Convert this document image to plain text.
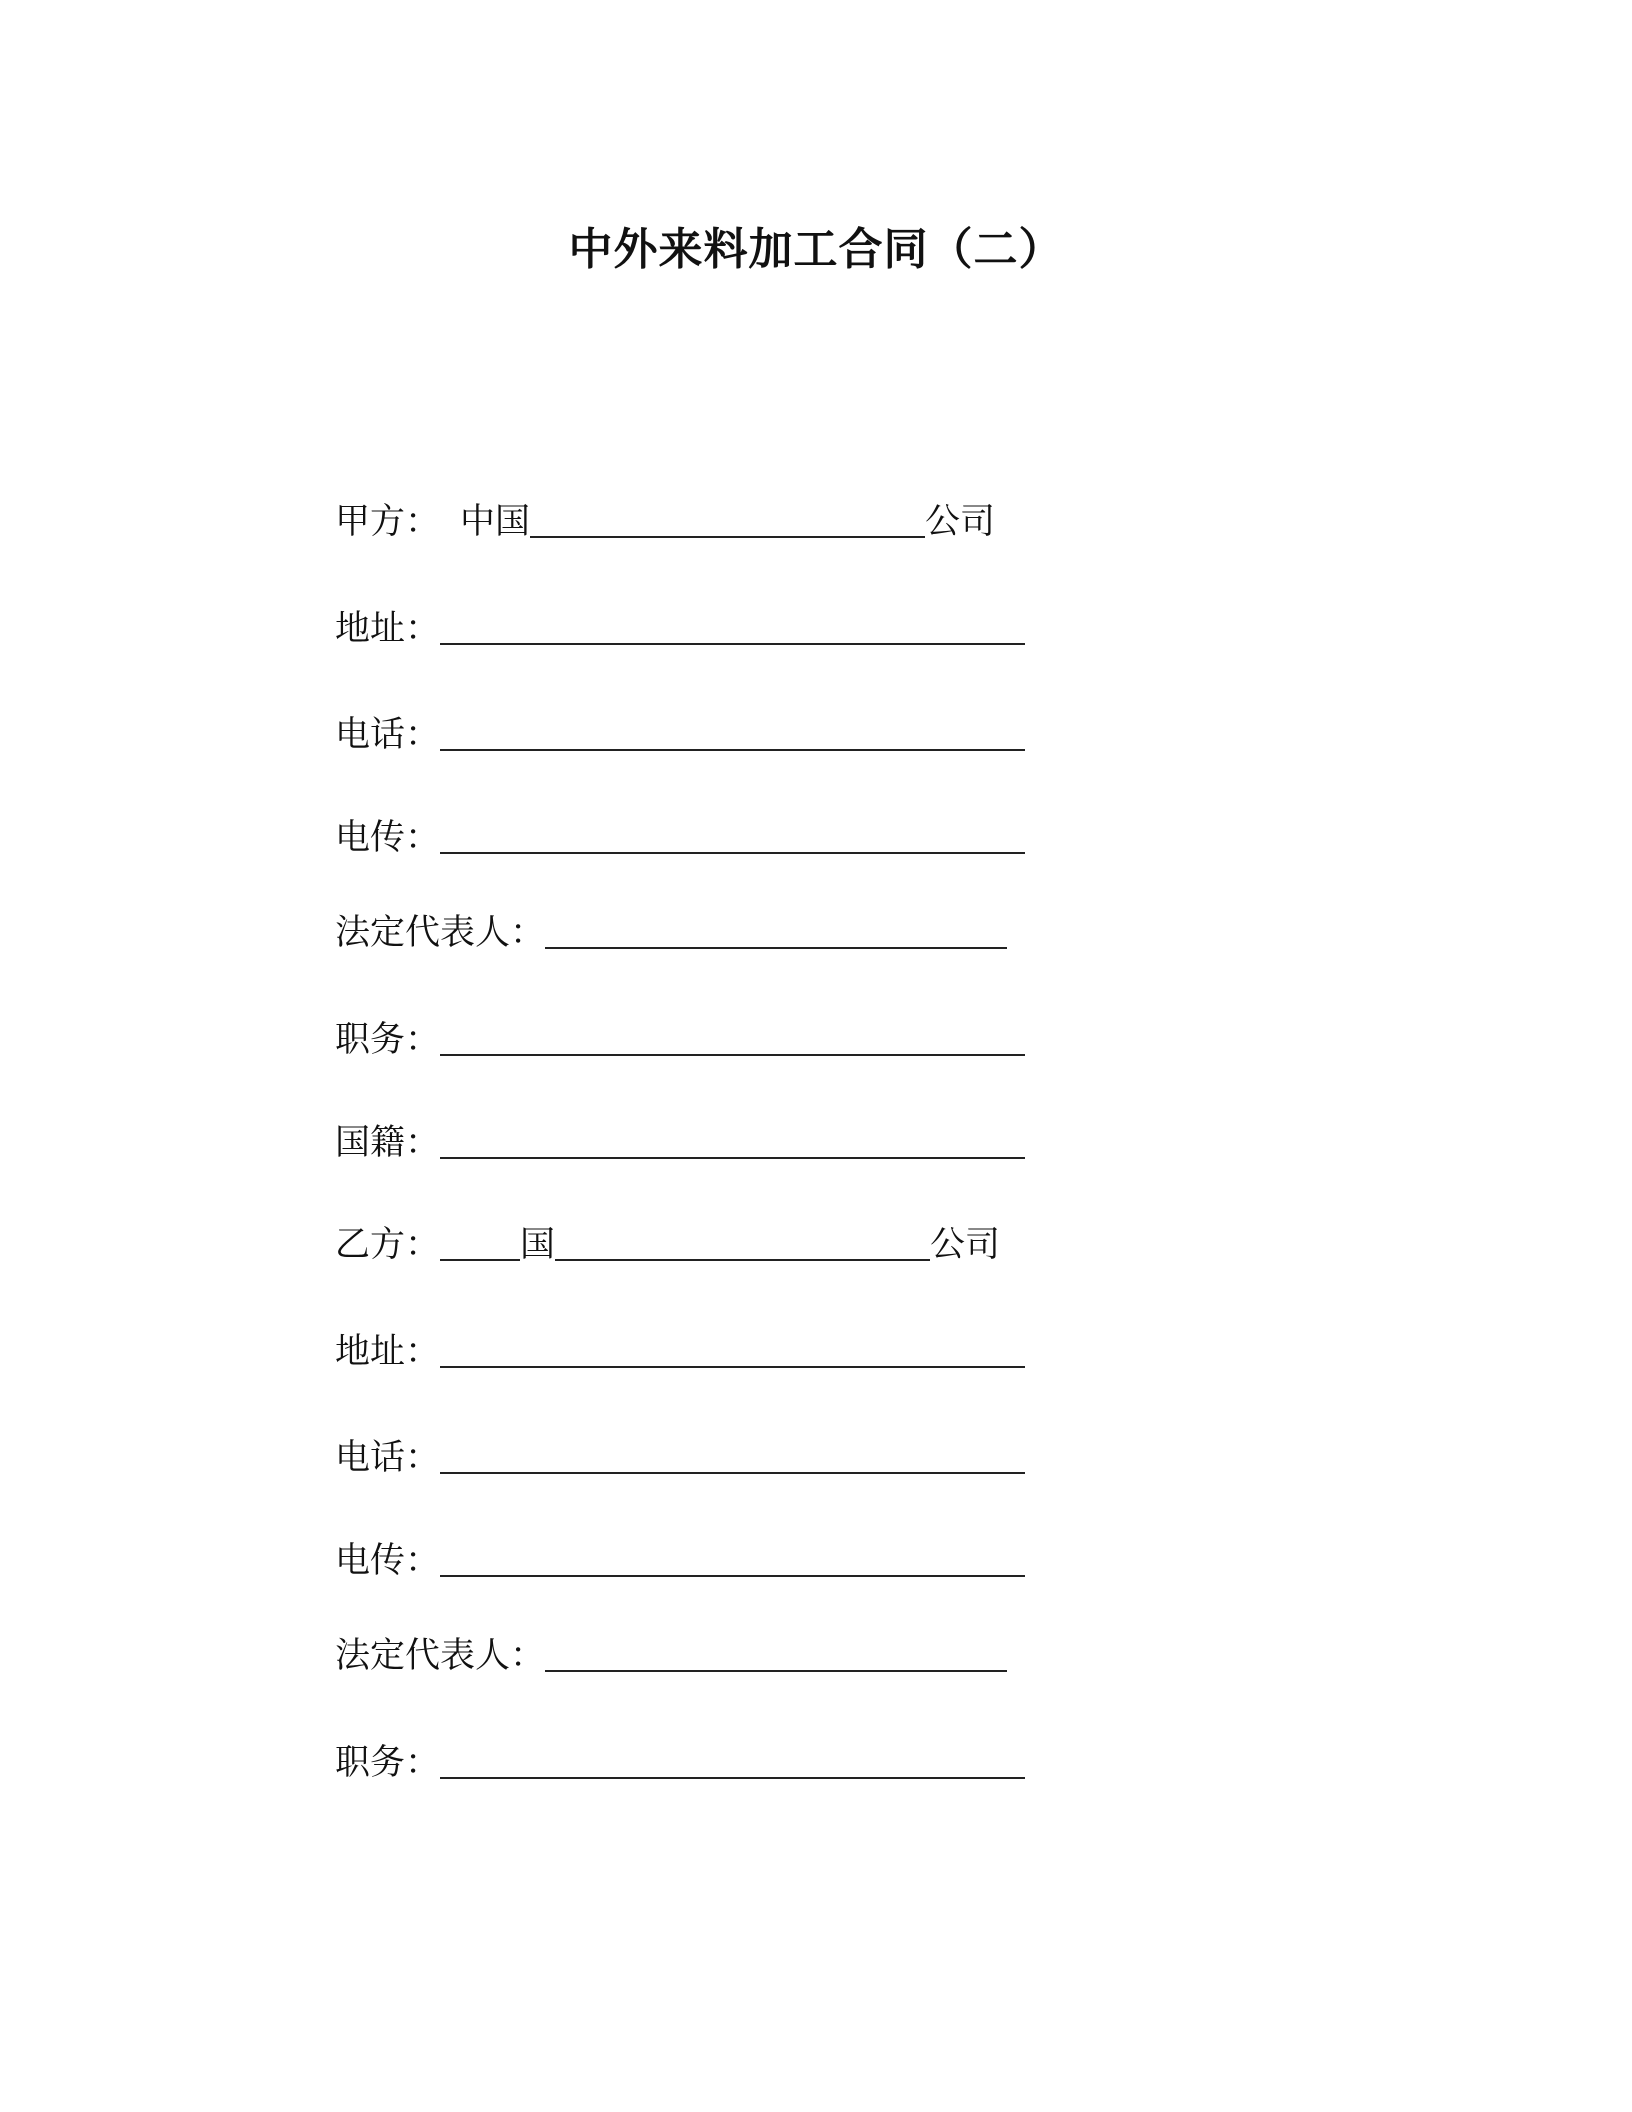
中外来料加工合同（二）
甲方： 中国	公司
地址：
电话：
电传：
法定代表人：
职务：
国籍：
乙方： 国	公司
地址：
电话：
电传：
法定代表人：
职务：
